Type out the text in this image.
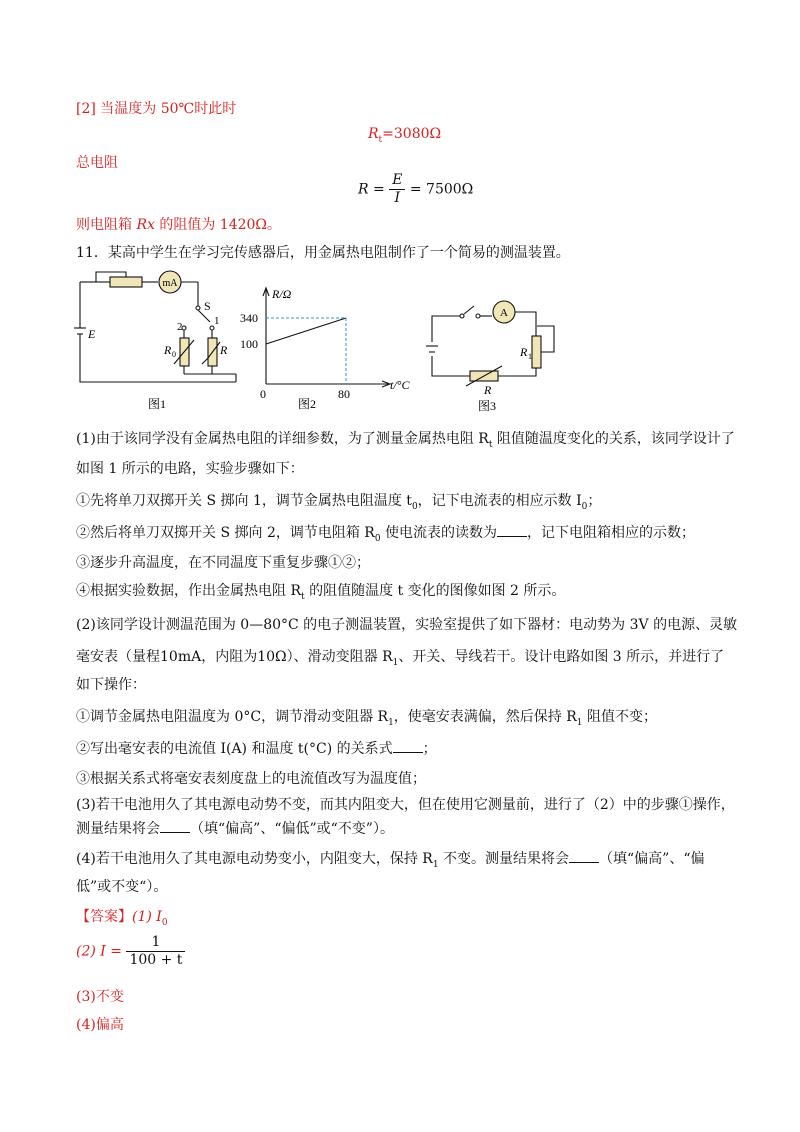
[2] 当温度为 50℃时此时
$R_t=3080\Omega$
总电阻
$R = \frac{E}{I} = 7500\Omega$
则电阻箱 Rx 的阻值为 1420Ω。
11．某高中学生在学习完传感器后，用金属热电阻制作了一个简易的测温装置。
mA
E
S
2	1
R 0	R
图1
R/Ω
340
100
0	80
t/°C
图2
A
R 1
R
图3
(1)由于该同学没有金属热电阻的详细参数，为了测量金属热电阻 $R_t$ 阻值随温度变化的关系，该同学设计了
如图 1 所示的电路，实验步骤如下：
①先将单刀双掷开关 S 掷向 1，调节金属热电阻温度 $t_0$，记下电流表的相应示数 $I_0$；
②然后将单刀双掷开关 S 掷向 2，调节电阻箱 $R_0$ 使电流表的读数为 ，记下电阻箱相应的示数；
③逐步升高温度，在不同温度下重复步骤①②；
④根据实验数据，作出金属热电阻 $R_t$ 的阻值随温度 t 变化的图像如图 2 所示。
(2)该同学设计测温范围为 0—80°C 的电子测温装置，实验室提供了如下器材：电动势为 3V 的电源、灵敏
毫安表（量程10mA，内阻为10Ω）、滑动变阻器 $R_1$、开关、导线若干。设计电路如图 3 所示，并进行了
如下操作：
①调节金属热电阻温度为 0°C，调节滑动变阻器 $R_1$，使毫安表满偏，然后保持 $R_1$ 阻值不变；
②写出毫安表的电流值 I(A) 和温度 t(°C) 的关系式 ；
③根据关系式将毫安表刻度盘上的电流值改写为温度值；
(3)若干电池用久了其电源电动势不变，而其内阻变大，但在使用它测量前，进行了（2）中的步骤①操作，
测量结果将会 （填“偏高”、“偏低”或“不变”）。
(4)若干电池用久了其电源电动势变小，内阻变大，保持 $R_1$ 不变。测量结果将会 （填“偏高”、“偏
低”或不变“）。
【答案】(1) $I_0$
(2) $I = \frac{1}{100 + t}$
(3)不变
(4)偏高
